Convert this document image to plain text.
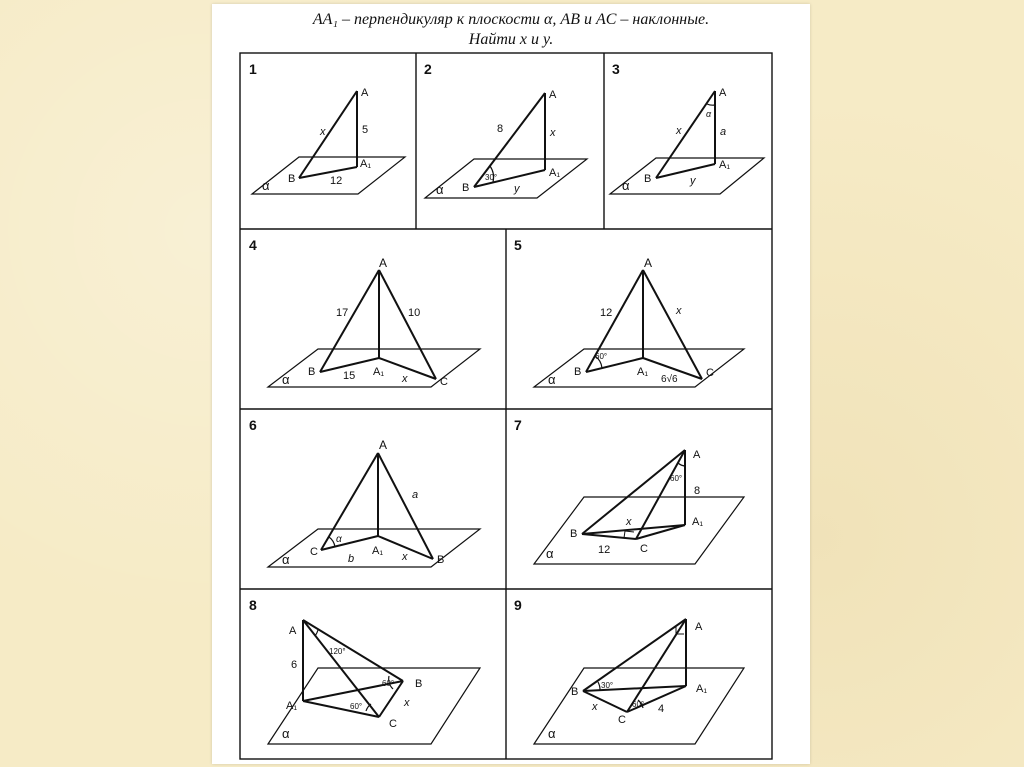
AA₁ – перпендикуляр к плоскости α, AB и AC – наклонные.
Найти x и y.
1
A
A₁
B
x	5
12
α
2
A
A₁
B
8	x
y
30°
α
3
A
A₁
B
x	a
y
α
α
4
A
A₁
B
C
17	10
15	x
α
5
A
A₁
B	C
12	x
6√6
60°
α
6
A
A₁
C
B
a
b	x
α
α
7
A
A₁
B
C
8
12
x
60°
α
8
A
A₁
B
C
6
x
120°
60°
60°
α
9
A
A₁
B
C
x	4
30°
60°
α
